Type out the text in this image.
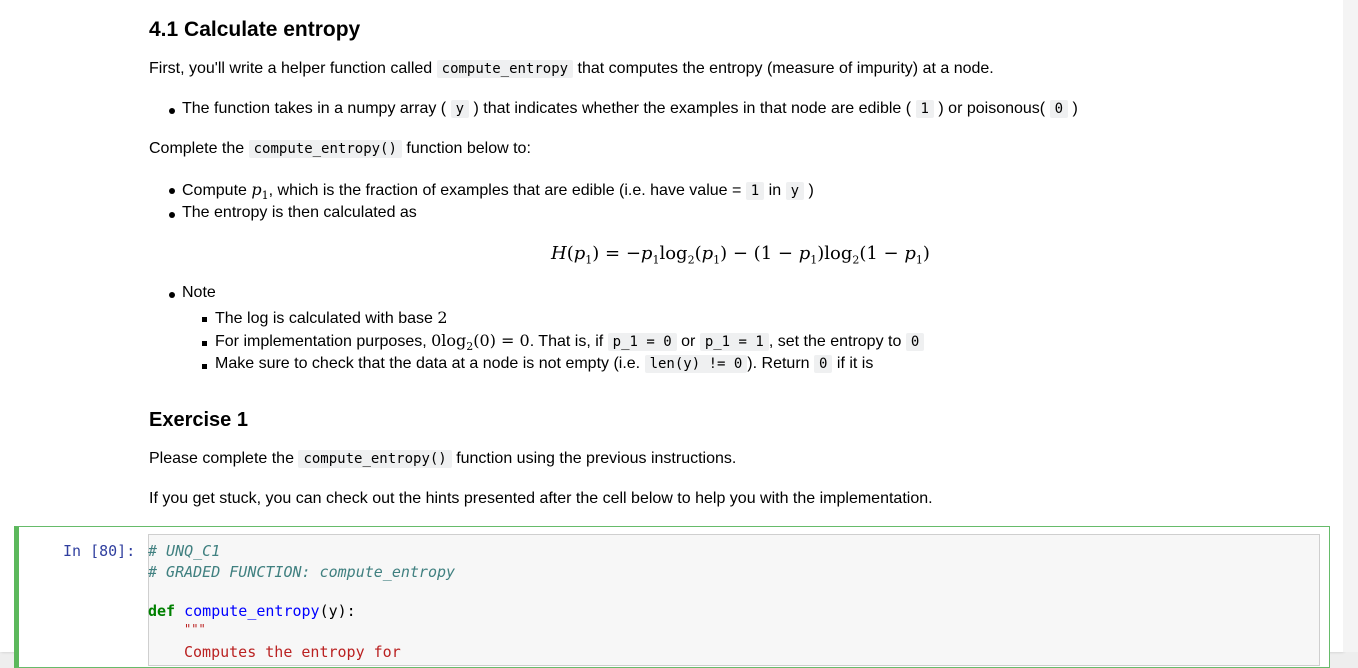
4.1 Calculate entropy
First, you'll write a helper function called compute_entropy that computes the entropy (measure of impurity) at a node.
The function takes in a numpy array ( y ) that indicates whether the examples in that node are edible ( 1 ) or poisonous( 0 )
Complete the compute_entropy() function below to:
Compute $p_1$, which is the fraction of examples that are edible (i.e. have value = 1 in y )
The entropy is then calculated as
Note
The log is calculated with base 2
For implementation purposes, $0\log_2(0) = 0$. That is, if p_1 = 0 or p_1 = 1 , set the entropy to 0
Make sure to check that the data at a node is not empty (i.e. len(y) != 0 ). Return 0 if it is
Exercise 1
Please complete the compute_entropy() function using the previous instructions.
If you get stuck, you can check out the hints presented after the cell below to help you with the implementation.
$H(p_1) = -p_1\log_2(p_1) - (1 - p_1)\log_2(1 - p_1)$
In [80]: # UNQ_C1
# GRADED FUNCTION: compute_entropy
def compute_entropy(y):
"""
Computes the entropy for
